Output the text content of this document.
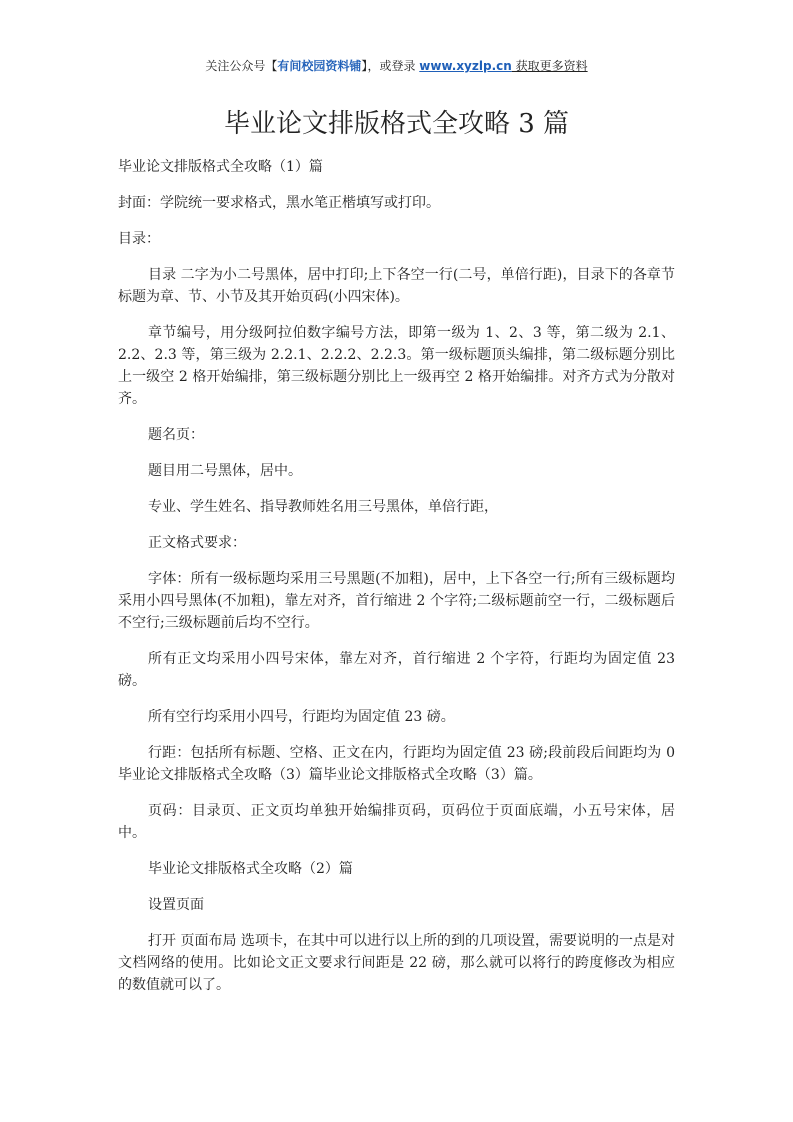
关注公众号【有间校园资料铺】，或登录 www.xyzlp.cn 获取更多资料
毕业论文排版格式全攻略 3 篇

毕业论文排版格式全攻略（1）篇

封面：学院统一要求格式，黑水笔正楷填写或打印。

目录：

目录 二字为小二号黑体，居中打印;上下各空一行(二号，单倍行距)，目录下的各章节标题为章、节、小节及其开始页码(小四宋体)。

章节编号，用分级阿拉伯数字编号方法，即第一级为 1、2、3 等，第二级为 2.1、2.2、2.3 等，第三级为 2.2.1、2.2.2、2.2.3。第一级标题顶头编排，第二级标题分别比上一级空 2 格开始编排，第三级标题分别比上一级再空 2 格开始编排。对齐方式为分散对齐。

题名页：

题目用二号黑体，居中。

专业、学生姓名、指导教师姓名用三号黑体，单倍行距，

正文格式要求：

字体：所有一级标题均采用三号黑题(不加粗)，居中，上下各空一行;所有三级标题均采用小四号黑体(不加粗)，靠左对齐，首行缩进 2 个字符;二级标题前空一行，二级标题后不空行;三级标题前后均不空行。

所有正文均采用小四号宋体，靠左对齐，首行缩进 2 个字符，行距均为固定值 23 磅。

所有空行均采用小四号，行距均为固定值 23 磅。

行距：包括所有标题、空格、正文在内，行距均为固定值 23 磅;段前段后间距均为 0 毕业论文排版格式全攻略（3）篇毕业论文排版格式全攻略（3）篇。

页码：目录页、正文页均单独开始编排页码，页码位于页面底端，小五号宋体，居中。

毕业论文排版格式全攻略（2）篇

设置页面

打开 页面布局 选项卡，在其中可以进行以上所的到的几项设置，需要说明的一点是对文档网络的使用。比如论文正文要求行间距是 22 磅，那么就可以将行的跨度修改为相应的数值就可以了。
